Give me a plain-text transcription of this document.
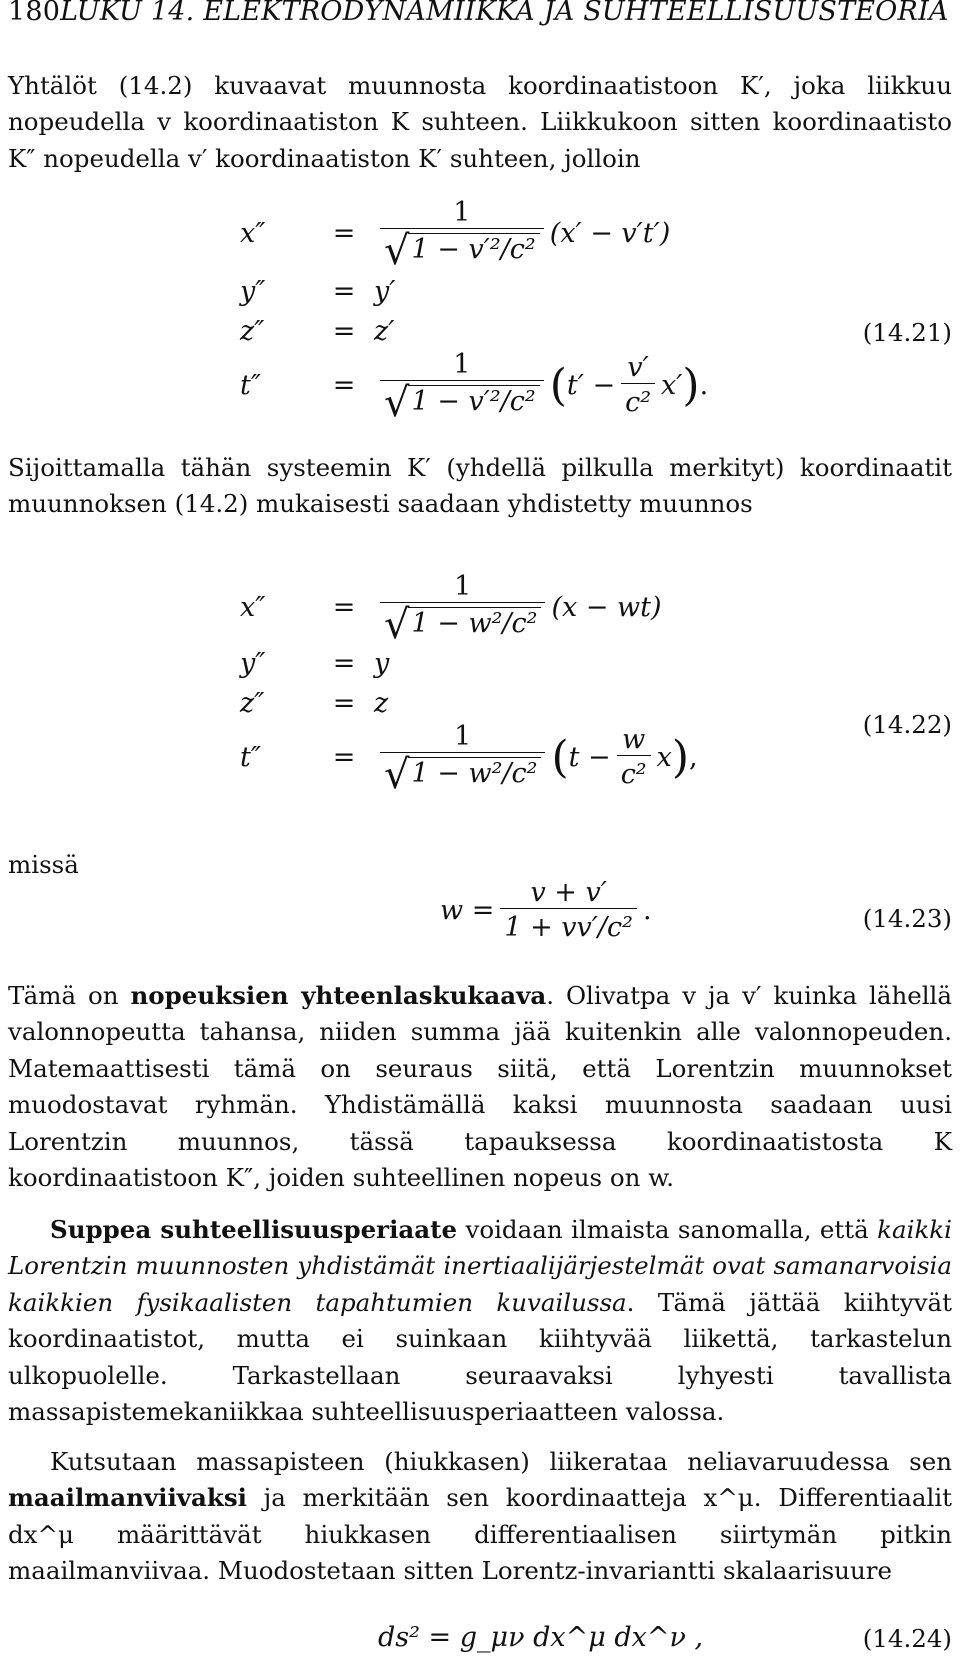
180LUKU 14. ELEKTRODYNAMIIKKA JA SUHTEELLISUUSTEORIA
Yhtälöt (14.2) kuvaavat muunnosta koordinaatistoon K′, joka liikkuu nopeudella v koordinaatiston K suhteen. Liikkukoon sitten koordinaatisto K″ nopeudella v′ koordinaatiston K′ suhteen, jolloin
x″	= $\frac{1}{\text{√ 1 − v′²/c²}} (x' - v't')$
y″	= y′
z″	= z′
t″	= $\frac{1}{\text{√ 1 − v′²/c²}}$ ( $t' - \frac{v'}{\text{c²}} x'$ ) .
(14.21)
Sijoittamalla tähän systeemin K′ (yhdellä pilkulla merkityt) koordinaatit muunnoksen (14.2) mukaisesti saadaan yhdistetty muunnos
x″	= $\frac{1}{\text{√ 1 − w²/c²}} (x - wt)$
y″	= y
z″	= z
t″	= $\frac{1}{\text{√ 1 − w²/c²}}$ ( $t - \frac{w}{\text{c²}}$ x ) ,
(14.22)
missä
$w = \frac{v + v'}{\text{1 + vv′/c²}}$ .	(14.23)
Tämä on nopeuksien yhteenlaskukaava. Olivatpa v ja v′ kuinka lähellä valonnopeutta tahansa, niiden summa jää kuitenkin alle valonnopeuden. Matemaattisesti tämä on seuraus siitä, että Lorentzin muunnokset muodostavat ryhmän. Yhdistämällä kaksi muunnosta saadaan uusi Lorentzin muunnos, tässä tapauksessa koordinaatistosta K koordinaatistoon K″, joiden suhteellinen nopeus on w.
Suppea suhteellisuusperiaate voidaan ilmaista sanomalla, että kaikki Lorentzin muunnosten yhdistämät inertiaalijärjestelmät ovat samanarvoisia kaikkien fysikaalisten tapahtumien kuvailussa. Tämä jättää kiihtyvät koordinaatistot, mutta ei suinkaan kiihtyvää liikettä, tarkastelun ulkopuolelle. Tarkastellaan seuraavaksi lyhyesti tavallista massapistemekaniikkaa suhteellisuusperiaatteen valossa.
Kutsutaan massapisteen (hiukkasen) liikerataa neliavaruudessa sen maailmanviivaksi ja merkitään sen koordinaatteja x^μ. Differentiaalit dx^μ määrittävät hiukkasen differentiaalisen siirtymän pitkin maailmanviivaa. Muodostetaan sitten Lorentz-invariantti skalaarisuure
ds² = g_μν dx^μ dx^ν ,	(14.24)
